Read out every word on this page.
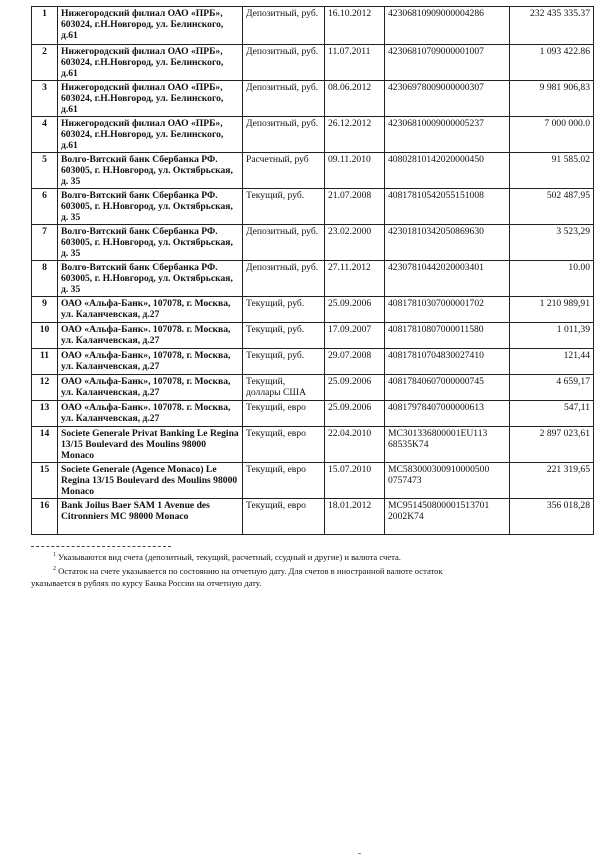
1	Нижегородский филиал ОАО «ПРБ», 603024, г.Н.Новгород, ул. Белинского, д.61	Депозитный, руб.	16.10.2012	42306810909000004286	232 435 335.37
2	Нижегородский филиал ОАО «ПРБ», 603024, г.Н.Новгород, ул. Белинского, д.61	Депозитный, руб.	11.07.2011	42306810709000001007	1 093 422.86
3	Нижегородский филиал ОАО «ПРБ», 603024, г.Н.Новгород, ул. Белинского, д.61	Депозитный, руб.	08.06.2012	42306978009000000307	9 981 906,83
4	Нижегородский филиал ОАО «ПРБ», 603024, г.Н.Новгород, ул. Белинского, д.61	Депозитный, руб.	26.12.2012	42306810009000005237	7 000 000.0
5	Волго-Вятский банк Сбербанка РФ. 603005, г. Н.Новгород, ул. Октябрьская, д. 35	Расчетный, руб	09.11.2010	40802810142020000450	91 585.02
6	Волго-Вятский банк Сбербанка РФ. 603005, г. Н.Новгород, ул. Октябрьская, д. 35	Текущий, руб.	21.07.2008	40817810542055151008	502 487.95
7	Волго-Вятский банк Сбербанка РФ. 603005, г. Н.Новгород, ул. Октябрьская, д. 35	Депозитный, руб.	23.02.2000	42301810342050869630	3 523,29
8	Волго-Вятский банк Сбербанка РФ. 603005, г. Н.Новгород, ул. Октябрьская, д. 35	Депозитный, руб.	27.11.2012	42307810442020003401	10.00
9	ОАО «Альфа-Банк», 107078, г. Москва, ул. Каланчевская, д.27	Текущий, руб.	25.09.2006	40817810307000001702	1 210 989,91
10	ОАО «Альфа-Банк». 107078. г. Москва, ул. Каланчевская, д.27	Текущий, руб.	17.09.2007	40817810807000011580	1 011,39
11	ОАО «Альфа-Банк», 107078, г. Москва, ул. Каланчевская, д.27	Текущий, руб.	29.07.2008	40817810704830027410	121,44
12	ОАО «Альфа-Банк», 107078, г. Москва, ул. Каланчевская, д.27	Текущий, доллары США	25.09.2006	40817840607000000745	4 659,17
13	ОАО «Альфа-Банк». 107078. г. Москва, ул. Каланчевская, д.27	Текущий, евро	25.09.2006	40817978407000000613	547,11
14	Societe Generale Privat Banking Le Regina 13/15 Boulevard des Moulins 98000 Monaco	Текущий, евро	22.04.2010	MC301336800001EU113 68535K74	2 897 023,61
15	Societe Generale (Agence Monaco) Le Regina 13/15 Boulevard des Moulins 98000 Monaco	Текущий, евро	15.07.2010	MC583000300910000500 0757473	221 319,65
16	Bank Joilus Baer SAM 1 Avenue des Citronniers MC 98000 Monaco	Текущий, евро	18.01.2012	MC951450800001513701 2002K74	356 018,28

$^1$ Указываются вид счета (депозитный, текущий, расчетный, ссудный и другие) и валюта счета.

$^2$ Остаток на счете указывается по состоянию на отчетную дату. Для счетов в иностранной валюте остаток

указывается в рублях по курсу Банка России на отчетную дату.
